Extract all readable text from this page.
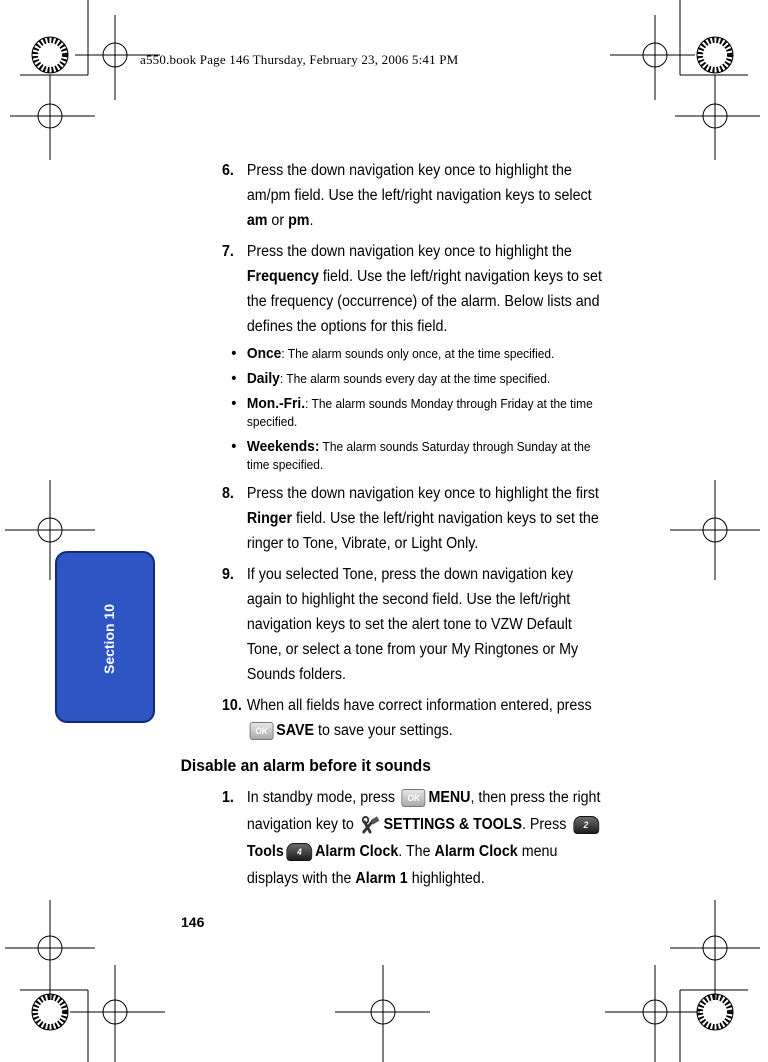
a550.book Page 146 Thursday, February 23, 2006 5:41 PM
Section 10
6. Press the down navigation key once to highlight the am/pm field. Use the left/right navigation keys to select am or pm.
7. Press the down navigation key once to highlight the Frequency field. Use the left/right navigation keys to set the frequency (occurrence) of the alarm. Below lists and defines the options for this field.
• Once: The alarm sounds only once, at the time specified.
• Daily: The alarm sounds every day at the time specified.
• Mon.-Fri.: The alarm sounds Monday through Friday at the time specified.
• Weekends: The alarm sounds Saturday through Sunday at the time specified.
8. Press the down navigation key once to highlight the first Ringer field. Use the left/right navigation keys to set the ringer to Tone, Vibrate, or Light Only.
9. If you selected Tone, press the down navigation key again to highlight the second field. Use the left/right navigation keys to set the alert tone to VZW Default Tone, or select a tone from your My Ringtones or My Sounds folders.
10. When all fields have correct information entered, press OK SAVE to save your settings.
Disable an alarm before it sounds
1. In standby mode, press OK MENU, then press the right navigation key to SETTINGS & TOOLS. Press 2
Tools 4 Alarm Clock. The Alarm Clock menu displays with the Alarm 1 highlighted.
146
